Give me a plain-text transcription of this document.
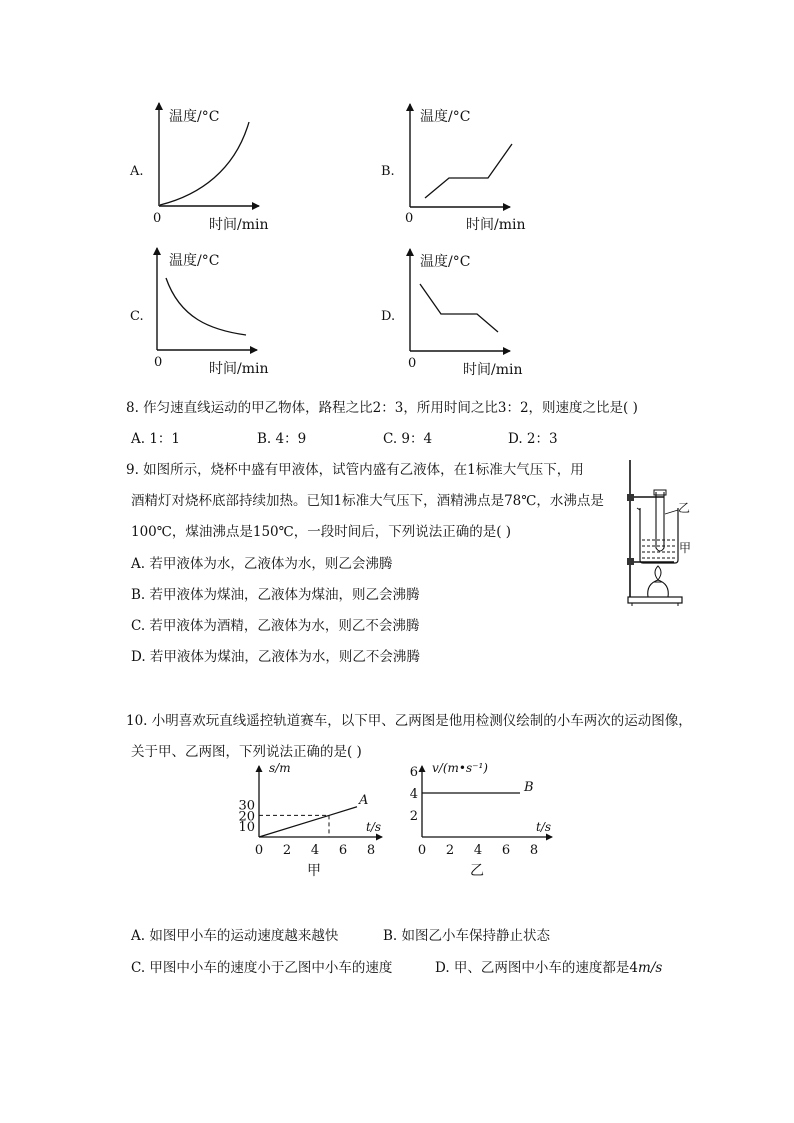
A.
温度/°C
时间/min
0
B.
温度/°C
时间/min
0
C.
温度/°C
时间/min
0
D.
温度/°C
时间/min
0
8. 作匀速直线运动的甲乙物体，路程之比2：3，所用时间之比3：2，则速度之比是( )
A. 1：1	B. 4：9	C. 9：4	D. 2：3
9. 如图所示，烧杯中盛有甲液体，试管内盛有乙液体，在1标准大气压下，用
酒精灯对烧杯底部持续加热。已知1标准大气压下，酒精沸点是78℃，水沸点是
100℃，煤油沸点是150℃，一段时间后，下列说法正确的是( )
A. 若甲液体为水，乙液体为水，则乙会沸腾
B. 若甲液体为煤油，乙液体为煤油，则乙会沸腾
C. 若甲液体为酒精，乙液体为水，则乙不会沸腾
D. 若甲液体为煤油，乙液体为水，则乙不会沸腾
乙
甲
10. 小明喜欢玩直线遥控轨道赛车，以下甲、乙两图是他用检测仪绘制的小车两次的运动图像，
关于甲、乙两图，下列说法正确的是( )
0 2 4 6 8
10
20
30
s/m
t/s
A
甲
0 2 4 6 8
2
4
6 v/(m•s⁻¹)
t/s
B
乙
A. 如图甲小车的运动速度越来越快	B. 如图乙小车保持静止状态
C. 甲图中小车的速度小于乙图中小车的速度	D. 甲、乙两图中小车的速度都是4m/s
